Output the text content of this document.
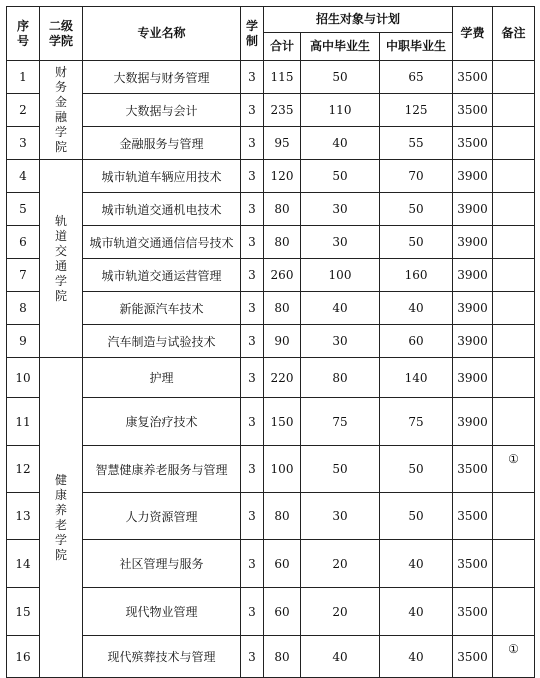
序号	二级学院	专业名称	学制	招生对象与计划			学费	备注
				合计	高中毕业生	中职毕业生		
1	财务金融学院	大数据与财务管理	3	115	50	65	3500	
2		大数据与会计	3	235	110	125	3500	
3		金融服务与管理	3	95	40	55	3500	
4	轨道交通学院	城市轨道车辆应用技术	3	120	50	70	3900	
5		城市轨道交通机电技术	3	80	30	50	3900	
6		城市轨道交通通信信号技术	3	80	30	50	3900	
7		城市轨道交通运营管理	3	260	100	160	3900	
8		新能源汽车技术	3	80	40	40	3900	
9		汽车制造与试验技术	3	90	30	60	3900	
10	健康养老学院	护理	3	220	80	140	3900	
11		康复治疗技术	3	150	75	75	3900	
12		智慧健康养老服务与管理	3	100	50	50	3500	①
13		人力资源管理	3	80	30	50	3500	
14		社区管理与服务	3	60	20	40	3500	
15		现代物业管理	3	60	20	40	3500	
16		现代殡葬技术与管理	3	80	40	40	3500	①
